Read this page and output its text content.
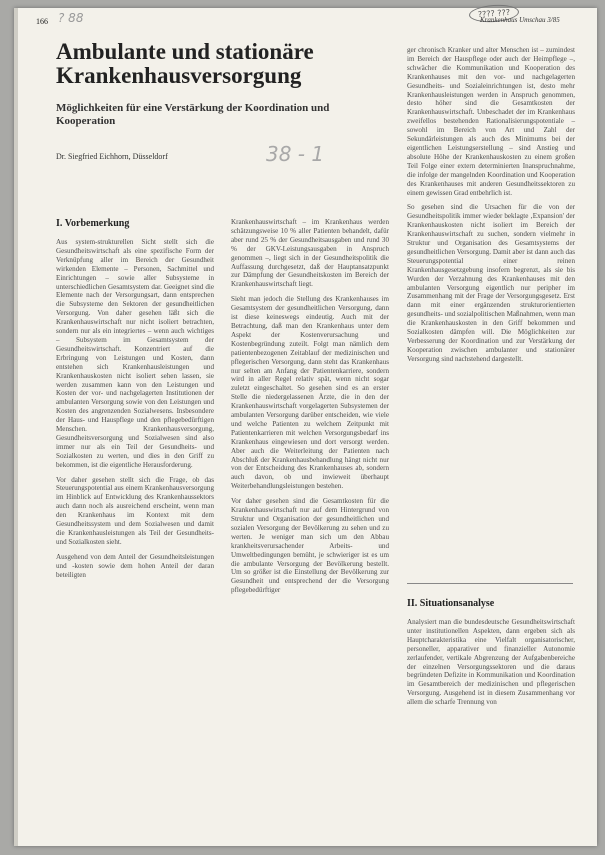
166 ? 88	???? ???
Krankenhaus Umschau 3/85
Ambulante und stationäre Krankenhausversorgung
Möglichkeiten für eine Verstärkung der Koordination und Kooperation
Dr. Siegfried Eichhorn, Düsseldorf	38 - 1
I. Vorbemerkung

Aus system-strukturellen Sicht stellt sich die Gesundheitswirtschaft als eine spezifische Form der Verknüpfung aller im Bereich der Gesundheit wirkenden Elemente – Personen, Sachmittel und Einrichtungen – sowie aller Subsysteme in unterschiedlichen Gesamtsystem dar. Geeignet sind die Elemente nach der Versorgungsart, dann entsprechen die Subsysteme den Sektoren der gesundheitlichen Versorgung. Von daher gesehen läßt sich die Krankenhauswirtschaft nur nicht isoliert betrachten, sondern nur als ein integriertes – wenn auch wichtiges – Subsystem im Gesamtsystem der Gesundheitswirtschaft. Konzentriert auf die Erbringung von Leistungen und Kosten, dann entstehen sich Krankenhausleistungen und Krankenhauskosten nicht isoliert sehen lassen, sie werden zusammen kann von den Leistungen und Kosten der vor- und nachgelagerten Institutionen der ambulanten Versorgung sowie von den Leistungen und Kosten des angrenzenden Sozialwesens. Insbesondere der Haus- und Hauspflege und den pflegebedürftigen Menschen. Krankenhausversorgung, Gesundheitsversorgung und Sozialwesen sind also immer nur als ein Teil der Gesundheits- und Sozialkosten zu werten, und dies in den Griff zu bekommen, ist die eigentliche Herausforderung.

Vor daher gesehen stellt sich die Frage, ob das Steuerungspotential aus einem Krankenhausversorgung im Hinblick auf Entwicklung des Krankenhaussektors auch dann noch als ausreichend erscheint, wenn man den Krankenhaus im Kontext mit dem Gesundheitssystem und dem Sozialwesen und damit die Krankenhausleistungen als Teil der Gesundheits- und Sozialkosten sieht.

Ausgehend von dem Anteil der Gesundheitsleistungen und -kosten sowie dem hohen Anteil der daran beteiligten

Krankenhauswirtschaft – im Krankenhaus werden schätzungsweise 10 % aller Patienten behandelt, dafür aber rund 25 % der Gesundheitsausgaben und rund 30 % der GKV-Leistungsausgaben in Anspruch genommen –, liegt sich in der Gesundheitspolitik die Auffassung durchgesetzt, daß der Hauptansatzpunkt zur Dämpfung der Gesundheitskosten im Bereich der Krankenhauswirtschaft liegt.

Sieht man jedoch die Stellung des Krankenhauses im Gesamtsystem der gesundheitlichen Versorgung, dann ist diese keineswegs eindeutig. Auch mit der Betrachtung, daß man den Krankenhaus unter dem Aspekt der Kostenverursachung und Kostenbegründung zuteilt. Folgt man nämlich dem patientenbezogenen Zeitablauf der medizinischen und pflegerischen Versorgung, dann steht das Krankenhaus nur selten am Anfang der Patientenkarriere, sondern wird in aller Regel relativ spät, wenn nicht sogar zuletzt eingeschaltet. So gesehen sind es an erster Stelle die niedergelassenen Ärzte, die in den der Krankenhauswirtschaft vorgelagerten Subsystemen der ambulanten Versorgung darüber entscheiden, wie viele und welche Patienten zu welchem Zeitpunkt mit Patientenkarrieren mit welchen Versorgungsbedarf ins Krankenhaus eingewiesen und dort versorgt werden. Aber auch die Weiterleitung der Patienten nach Abschluß der Krankenhausbehandlung hängt nicht nur von der Entscheidung des Krankenhauses ab, sondern auch davon, ob und inwieweit überhaupt Weiterbehandlungsleistungen bestehen.

Vor daher gesehen sind die Gesamtkosten für die Krankenhauswirtschaft nur auf dem Hintergrund von Struktur und Organisation der gesundheitlichen und sozialen Versorgung der Bevölkerung zu sehen und zu werten. Je weniger man sich um den Abbau krankheitsverursachender Arbeits- und Umweltbedingungen bemüht, je schwieriger ist es um die ambulante Versorgung der Bevölkerung bestellt. Um so größer ist die Einstellung der Bevölkerung zur Gesundheit und entsprechend der die Versorgung pflegebedürftiger

ger chronisch Kranker und alter Menschen ist – zumindest im Bereich der Hauspflege oder auch der Heimpflege –, schwächer die Kommunikation und Kooperation des Krankenhauses mit den vor- und nachgelagerten Gesundheits- und Sozialeinrichtungen ist, desto mehr Krankenhausleistungen werden in Anspruch genommen, desto höher sind die Gesamtkosten der Krankenhauswirtschaft. Unbeschadet der im Krankenhaus zweifellos bestehenden Rationalisierungspotentiale – sowohl im Bereich von Art und Zahl der Sekundärleistungen als auch des Minimums bei der eigentlichen Leistungserstellung – sind Anstieg und absolute Höhe der Krankenhauskosten zu einem großen Teil Folge einer extern determinierten Inanspruchnahme, die infolge der mangelnden Koordination und Kooperation des Krankenhauses mit anderen Gesundheitssektoren zu einem gewissen Grad entbehrlich ist.

So gesehen sind die Ursachen für die von der Gesundheitspolitik immer wieder beklagte ‚Expansion' der Krankenhauskosten nicht isoliert im Bereich der Krankenhauswirtschaft zu suchen, sondern vielmehr in Struktur und Organisation des Gesamtsystems der gesundheitlichen Versorgung. Damit aber ist dann auch das Steuerungspotential einer reinen Krankenhausgesetzgebung insofern begrenzt, als sie bis Wurden der Verzahnung des Krankenhauses mit den ambulanten Versorgung eigentlich nur peripher im Zusammenhang mit der Frage der Versorgungsgesetz. Erst dann mit einer ergänzenden strukturorientierten gesundheits- und sozialpolitischen Maßnahmen, wenn man die Krankenhauskosten in den Griff bekommen und Sozialkosten dämpfen will. Die Möglichkeiten zur Verbesserung der Koordination und zur Verstärkung der Kooperation zwischen ambulanter und stationärer Versorgung sind nachstehend dargestellt.

II. Situationsanalyse

Analysiert man die bundesdeutsche Gesundheitswirtschaft unter institutionellen Aspekten, dann ergeben sich als Hauptcharakteristika eine Vielfalt organisatorischer, personeller, apparativer und finanzieller Autonomie zerlaufender, vertikale Abgrenzung der Aufgabenbereiche der einzelnen Versorgungssektoren und die daraus begründeten Defizite in Kommunikation und Koordination im Gesamtbereich der medizinischen und pflegerischen Versorgung. Ausgehend ist in diesem Zusammenhang vor allem die scharfe Trennung von
